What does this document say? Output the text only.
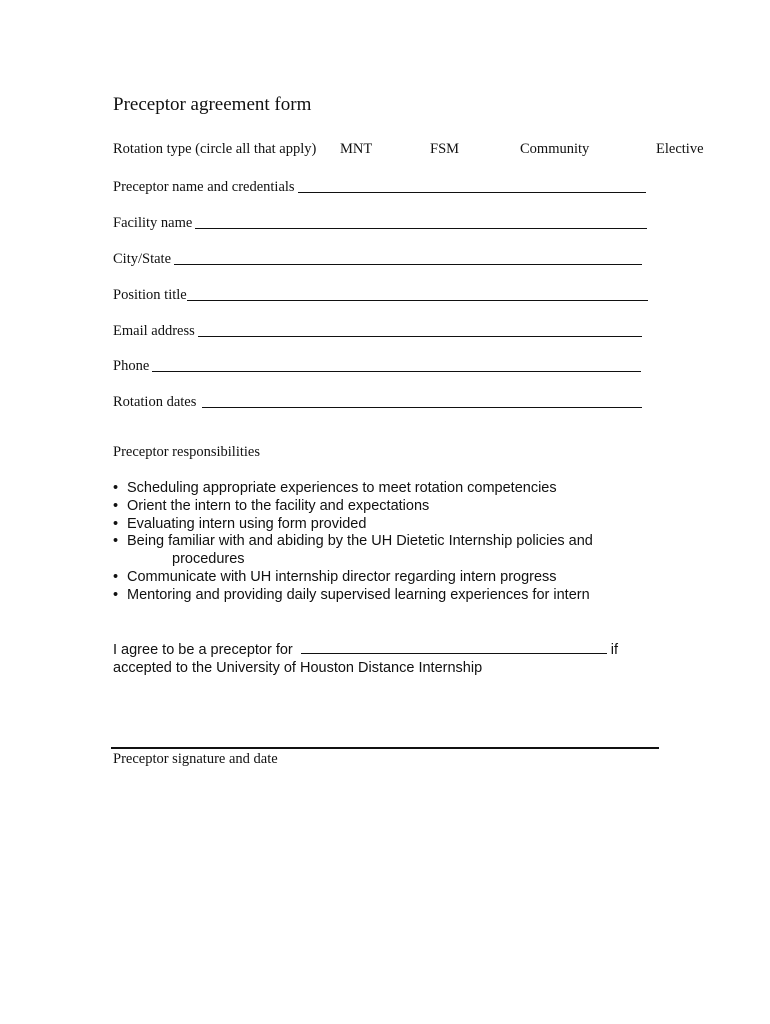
Preceptor agreement form
Rotation type (circle all that apply) MNT	FSM	Community	Elective
Preceptor name and credentials
Facility name
City/State
Position title
Email address
Phone
Rotation dates
Preceptor responsibilities
• Scheduling appropriate experiences to meet rotation competencies
• Orient the intern to the facility and expectations
• Evaluating intern using form provided
• Being familiar with and abiding by the UH Dietetic Internship policies and
procedures
• Communicate with UH internship director regarding intern progress
• Mentoring and providing daily supervised learning experiences for intern
I agree to be a preceptor for	if
accepted to the University of Houston Distance Internship
Preceptor signature and date
